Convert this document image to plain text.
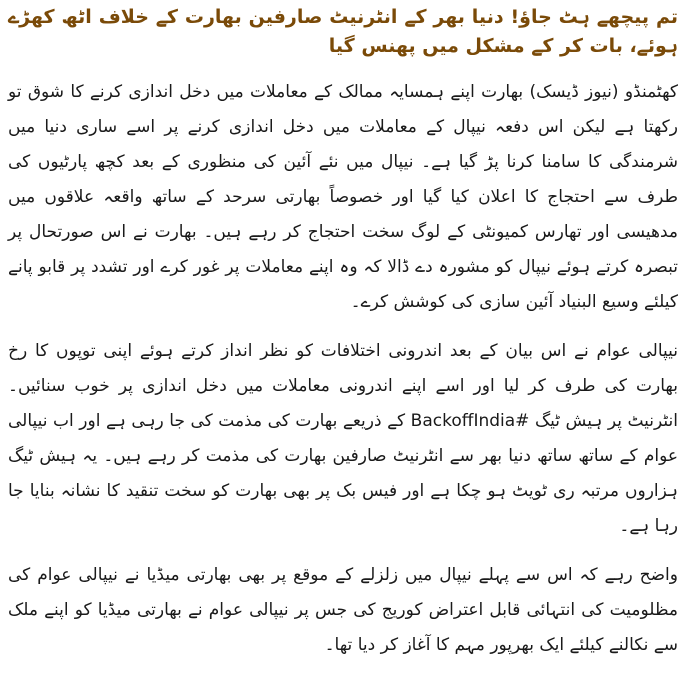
تم پیچھے ہٹ جاؤ! دنیا بھر کے انٹرنیٹ صارفین بھارت کے خلاف اٹھ کھڑے ہوئے، بات کر کے مشکل میں پھنس گیا

کھٹمنڈو (نیوز ڈیسک) بھارت اپنے ہمسایہ ممالک کے معاملات میں دخل اندازی کرنے کا شوق تو رکھتا ہے لیکن اس دفعہ نیپال کے معاملات میں دخل اندازی کرنے پر اسے ساری دنیا میں شرمندگی کا سامنا کرنا پڑ گیا ہے۔ نیپال میں نئے آئین کی منظوری کے بعد کچھ پارٹیوں کی طرف سے احتجاج کا اعلان کیا گیا اور خصوصاً بھارتی سرحد کے ساتھ واقعہ علاقوں میں مدھیسی اور تھارس کمیونٹی کے لوگ سخت احتجاج کر رہے ہیں۔ بھارت نے اس صورتحال پر تبصرہ کرتے ہوئے نیپال کو مشورہ دے ڈالا کہ وہ اپنے معاملات پر غور کرے اور تشدد پر قابو پانے کیلئے وسیع البنیاد آئین سازی کی کوشش کرے۔

نیپالی عوام نے اس بیان کے بعد اندرونی اختلافات کو نظر انداز کرتے ہوئے اپنی توپوں کا رخ بھارت کی طرف کر لیا اور اسے اپنے اندرونی معاملات میں دخل اندازی پر خوب سنائیں۔ انٹرنیٹ پر ہیش ٹیگ #BackoffIndia کے ذریعے بھارت کی مذمت کی جا رہی ہے اور اب نیپالی عوام کے ساتھ ساتھ دنیا بھر سے انٹرنیٹ صارفین بھارت کی مذمت کر رہے ہیں۔ یہ ہیش ٹیگ ہزاروں مرتبہ ری ٹویٹ ہو چکا ہے اور فیس بک پر بھی بھارت کو سخت تنقید کا نشانہ بنایا جا رہا ہے۔

واضح رہے کہ اس سے پہلے نیپال میں زلزلے کے موقع پر بھی بھارتی میڈیا نے نیپالی عوام کی مظلومیت کی انتہائی قابل اعتراض کوریج کی جس پر نیپالی عوام نے بھارتی میڈیا کو اپنے ملک سے نکالنے کیلئے ایک بھرپور مہم کا آغاز کر دیا تھا۔
